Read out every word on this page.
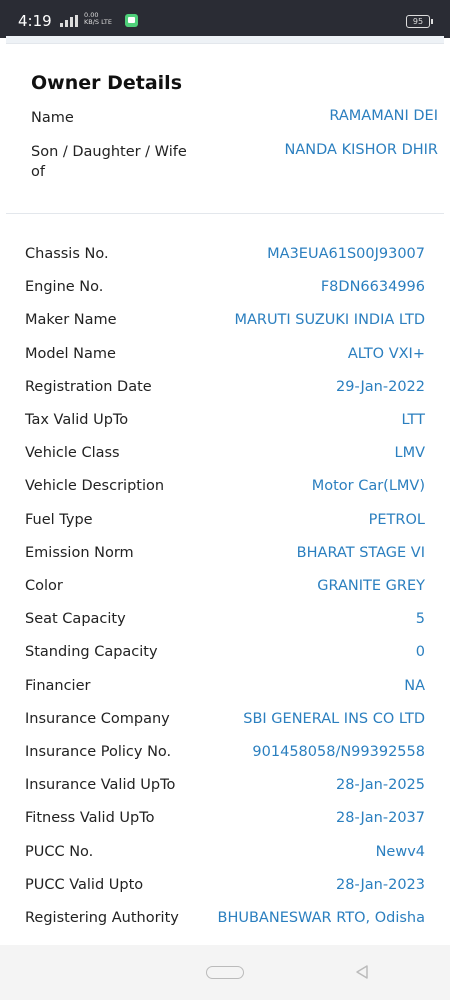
4:19	0.00
KB/S LTE	95
Owner Details
Name	RAMAMANI DEI
Son / Daughter / Wife of
NANDA KISHOR DHIR
Chassis No.	MA3EUA61S00J93007
Engine No.	F8DN6634996
Maker Name	MARUTI SUZUKI INDIA LTD
Model Name	ALTO VXI+
Registration Date	29-Jan-2022
Tax Valid UpTo	LTT
Vehicle Class	LMV
Vehicle Description	Motor Car(LMV)
Fuel Type	PETROL
Emission Norm	BHARAT STAGE VI
Color	GRANITE GREY
Seat Capacity	5
Standing Capacity	0
Financier	NA
Insurance Company	SBI GENERAL INS CO LTD
Insurance Policy No.	901458058/N99392558
Insurance Valid UpTo	28-Jan-2025
Fitness Valid UpTo	28-Jan-2037
PUCC No.	Newv4
PUCC Valid Upto	28-Jan-2023
Registering Authority	BHUBANESWAR RTO, Odisha
